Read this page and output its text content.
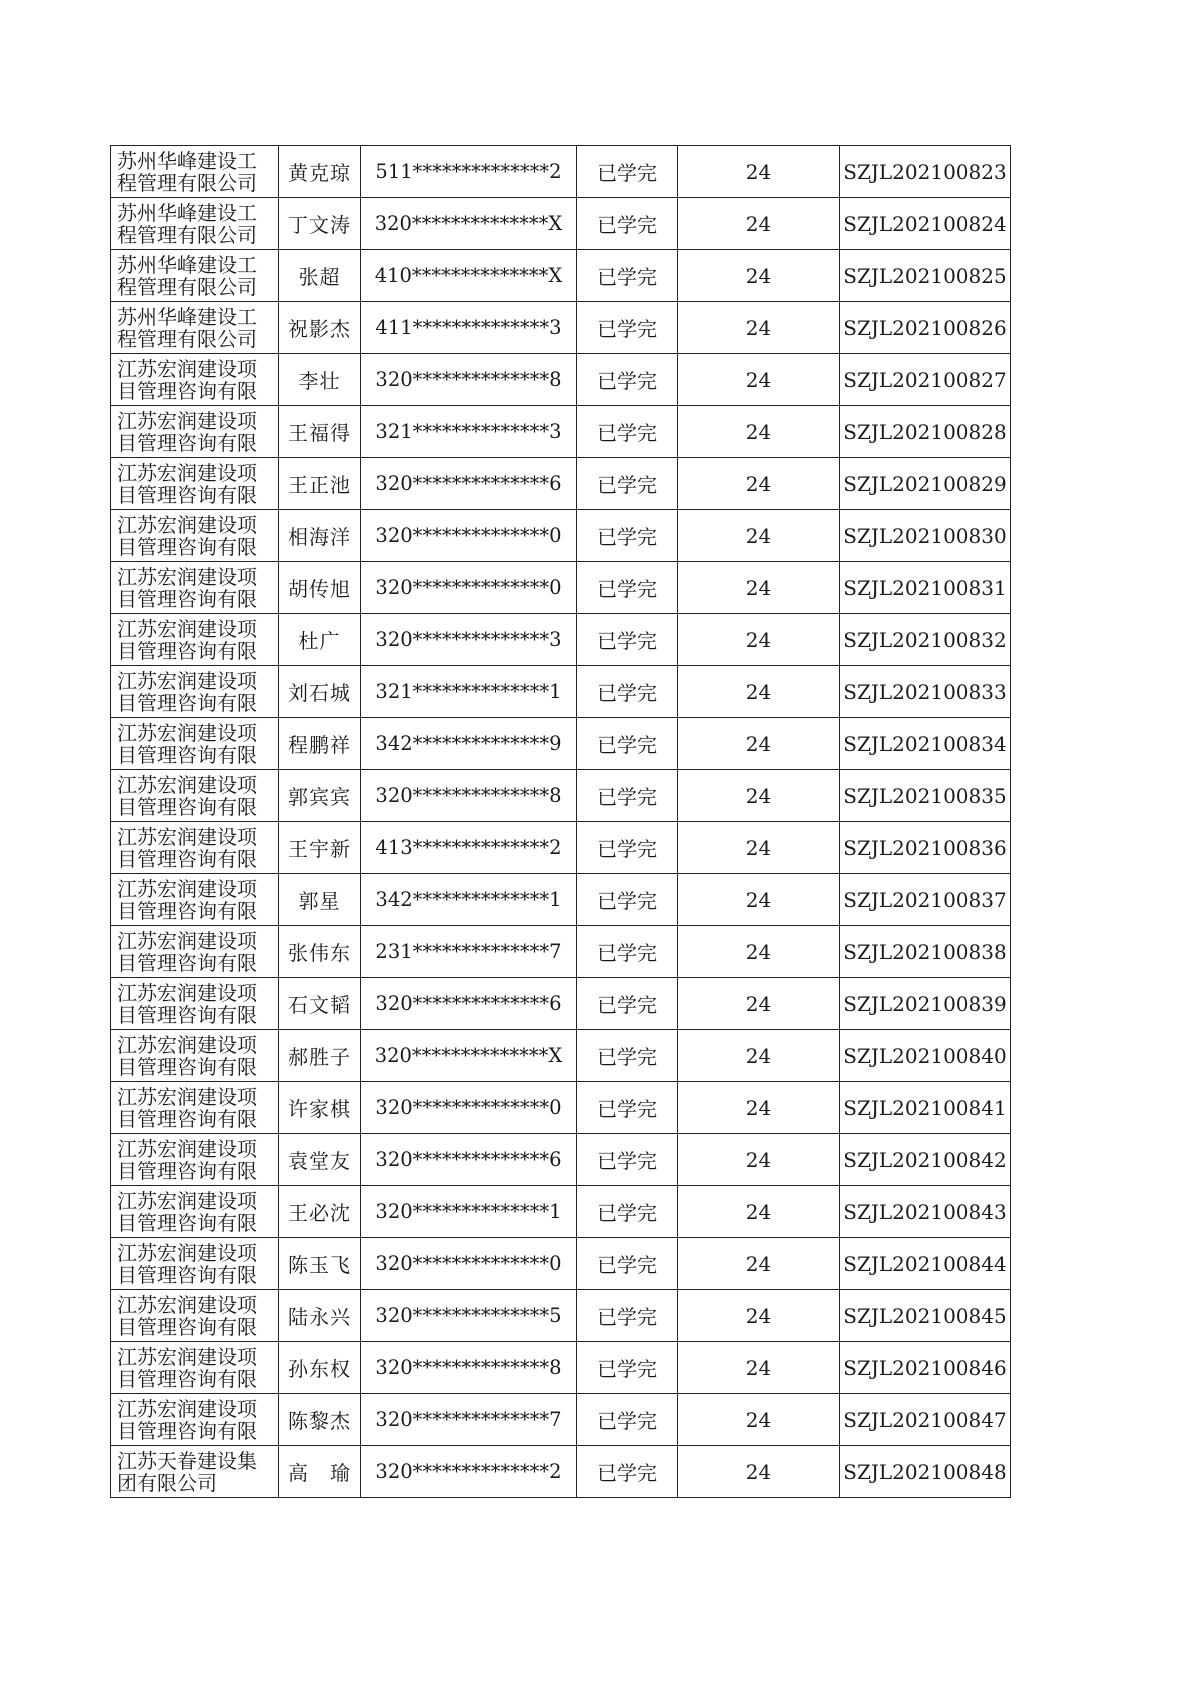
苏州华峰建设工
程管理有限公司	黄克琼	511**************2	已学完	24	SZJL202100823

苏州华峰建设工
程管理有限公司	丁文涛	320**************X	已学完	24	SZJL202100824

苏州华峰建设工
程管理有限公司	张超	410**************X	已学完	24	SZJL202100825

苏州华峰建设工
程管理有限公司	祝影杰	411**************3	已学完	24	SZJL202100826

江苏宏润建设项
目管理咨询有限	李壮	320**************8	已学完	24	SZJL202100827

江苏宏润建设项
目管理咨询有限	王福得	321**************3	已学完	24	SZJL202100828

江苏宏润建设项
目管理咨询有限	王正池	320**************6	已学完	24	SZJL202100829

江苏宏润建设项
目管理咨询有限	相海洋	320**************0	已学完	24	SZJL202100830

江苏宏润建设项
目管理咨询有限	胡传旭	320**************0	已学完	24	SZJL202100831

江苏宏润建设项
目管理咨询有限	杜广	320**************3	已学完	24	SZJL202100832

江苏宏润建设项
目管理咨询有限	刘石城	321**************1	已学完	24	SZJL202100833

江苏宏润建设项
目管理咨询有限	程鹏祥	342**************9	已学完	24	SZJL202100834

江苏宏润建设项
目管理咨询有限	郭宾宾	320**************8	已学完	24	SZJL202100835

江苏宏润建设项
目管理咨询有限	王宇新	413**************2	已学完	24	SZJL202100836

江苏宏润建设项
目管理咨询有限	郭星	342**************1	已学完	24	SZJL202100837

江苏宏润建设项
目管理咨询有限	张伟东	231**************7	已学完	24	SZJL202100838

江苏宏润建设项
目管理咨询有限	石文韬	320**************6	已学完	24	SZJL202100839

江苏宏润建设项
目管理咨询有限	郝胜子	320**************X	已学完	24	SZJL202100840

江苏宏润建设项
目管理咨询有限	许家棋	320**************0	已学完	24	SZJL202100841

江苏宏润建设项
目管理咨询有限	袁堂友	320**************6	已学完	24	SZJL202100842

江苏宏润建设项
目管理咨询有限	王必沈	320**************1	已学完	24	SZJL202100843

江苏宏润建设项
目管理咨询有限	陈玉飞	320**************0	已学完	24	SZJL202100844

江苏宏润建设项
目管理咨询有限	陆永兴	320**************5	已学完	24	SZJL202100845

江苏宏润建设项
目管理咨询有限	孙东权	320**************8	已学完	24	SZJL202100846

江苏宏润建设项
目管理咨询有限	陈黎杰	320**************7	已学完	24	SZJL202100847

江苏天眷建设集
团有限公司	高　瑜	320**************2	已学完	24	SZJL202100848
